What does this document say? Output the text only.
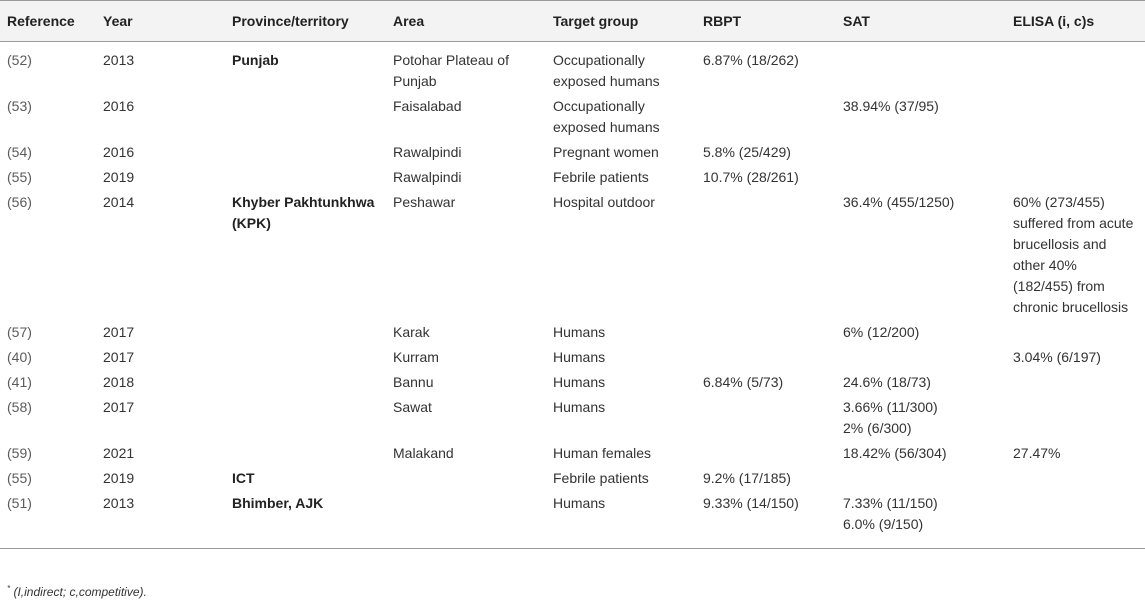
Reference	Year	Province/territory	Area	Target group	RBPT	SAT	ELISA (i, c)s
(52)	2013	Punjab	Potohar Plateau of Punjab	Occupationally exposed humans	6.87% (18/262)		
(53)	2016		Faisalabad	Occupationally exposed humans		38.94% (37/95)	
(54)	2016		Rawalpindi	Pregnant women	5.8% (25/429)		
(55)	2019		Rawalpindi	Febrile patients	10.7% (28/261)		
(56)	2014	Khyber Pakhtunkhwa (KPK)	Peshawar	Hospital outdoor		36.4% (455/1250)	60% (273/455) suffered from acute brucellosis and other 40% (182/455) from chronic brucellosis
(57)	2017		Karak	Humans		6% (12/200)	
(40)	2017		Kurram	Humans			3.04% (6/197)
(41)	2018		Bannu	Humans	6.84% (5/73)	24.6% (18/73)	
(58)	2017		Sawat	Humans		3.66% (11/300)
2% (6/300)	

(59)	2021		Malakand	Human females		18.42% (56/304)	27.47%
(55)	2019	ICT		Febrile patients	9.2% (17/185)		
(51)	2013	Bhimber, AJK		Humans	9.33% (14/150)	7.33% (11/150)
6.0% (9/150)	

* (I,indirect; c,competitive).
